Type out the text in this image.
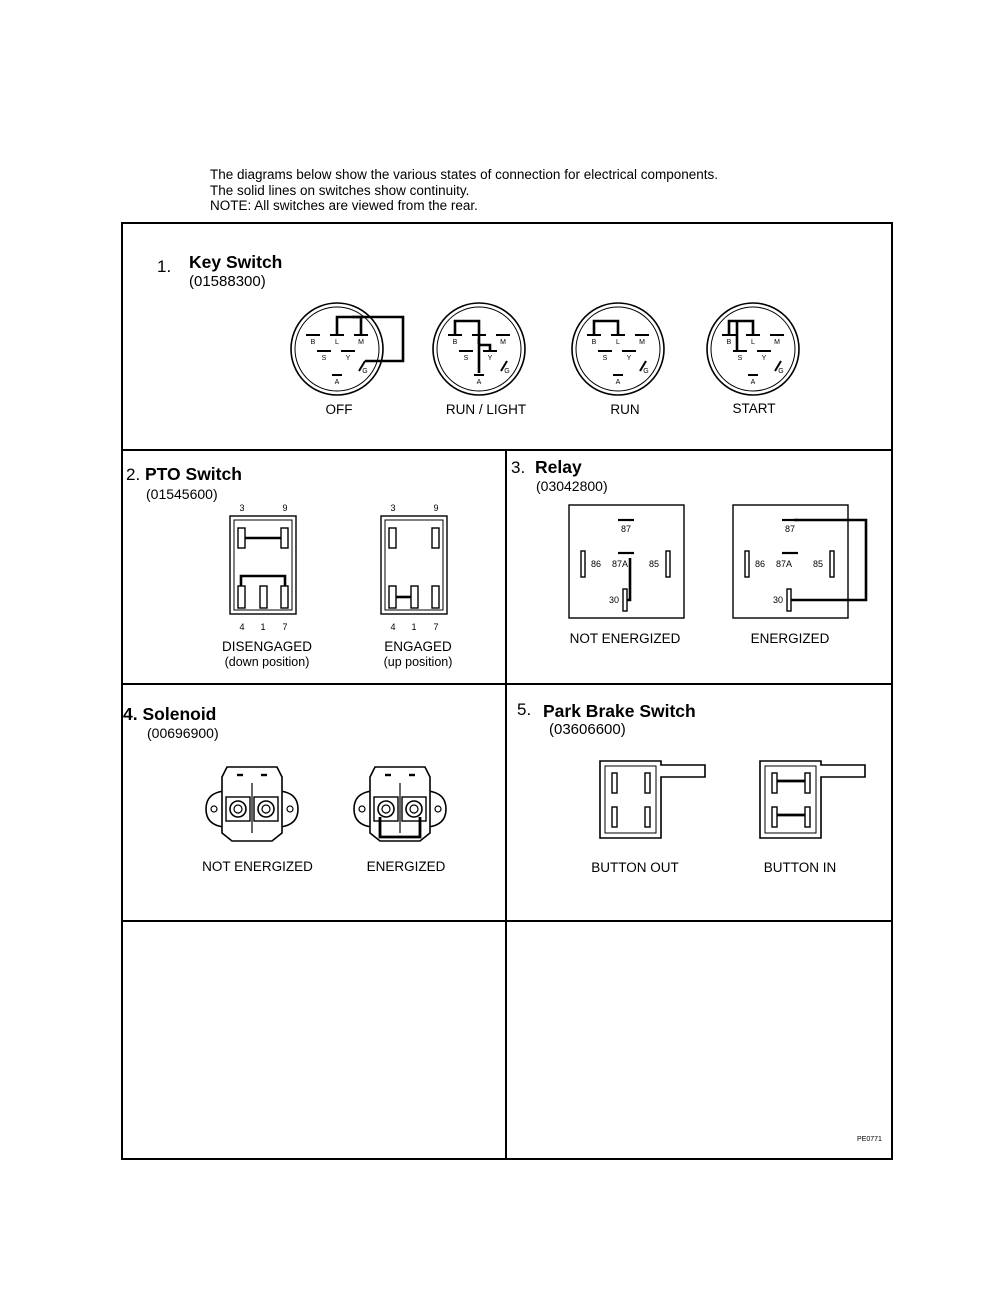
The diagrams below show the various states of connection for electrical components.
The solid lines on switches show continuity.
NOTE: All switches are viewed from the rear.
1. Key Switch
(01588300)
B	L	M
S	Y
A
G
B	L	M
S	Y
A
G
B	L	M
S	Y
A
G
B	L	M
S	Y
A
G
OFF	RUN / LIGHT	RUN	START
2. PTO Switch
(01545600)
3	9
4 1 7
3	9
4 1 7
DISENGAGED
(down position)
ENGAGED
(up position)
3. Relay
(03042800)
87
86 87A 85
30
87
86 87A 85
30
NOT ENERGIZED	ENERGIZED
4. Solenoid
(00696900)
NOT ENERGIZED	ENERGIZED
5. Park Brake Switch
(03606600)
BUTTON OUT	BUTTON IN
PE0771
